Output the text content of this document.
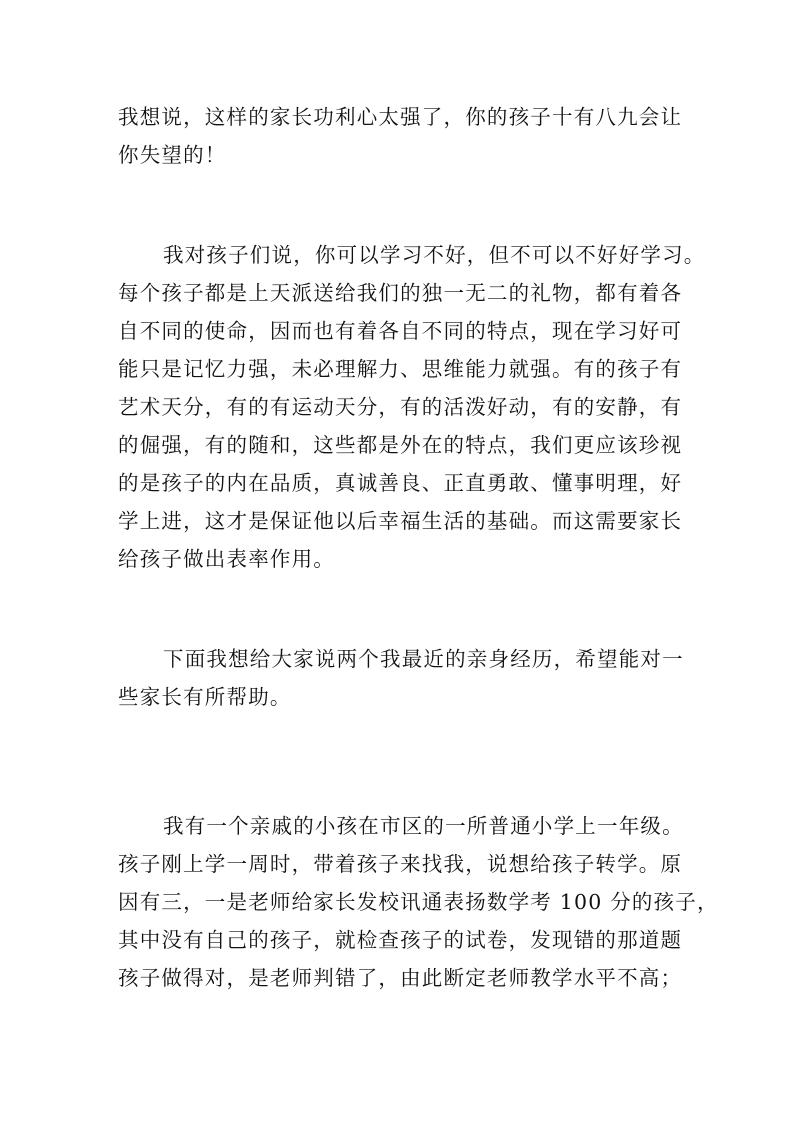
我想说，这样的家长功利心太强了，你的孩子十有八九会让
你失望的！
我对孩子们说，你可以学习不好，但不可以不好好学习。
每个孩子都是上天派送给我们的独一无二的礼物，都有着各
自不同的使命，因而也有着各自不同的特点，现在学习好可
能只是记忆力强，未必理解力、思维能力就强。有的孩子有
艺术天分，有的有运动天分，有的活泼好动，有的安静，有
的倔强，有的随和，这些都是外在的特点，我们更应该珍视
的是孩子的内在品质，真诚善良、正直勇敢、懂事明理，好
学上进，这才是保证他以后幸福生活的基础。而这需要家长
给孩子做出表率作用。
下面我想给大家说两个我最近的亲身经历，希望能对一
些家长有所帮助。
我有一个亲戚的小孩在市区的一所普通小学上一年级。
孩子刚上学一周时，带着孩子来找我，说想给孩子转学。原
因有三，一是老师给家长发校讯通表扬数学考 100 分的孩子，
其中没有自己的孩子，就检查孩子的试卷，发现错的那道题
孩子做得对，是老师判错了，由此断定老师教学水平不高；
